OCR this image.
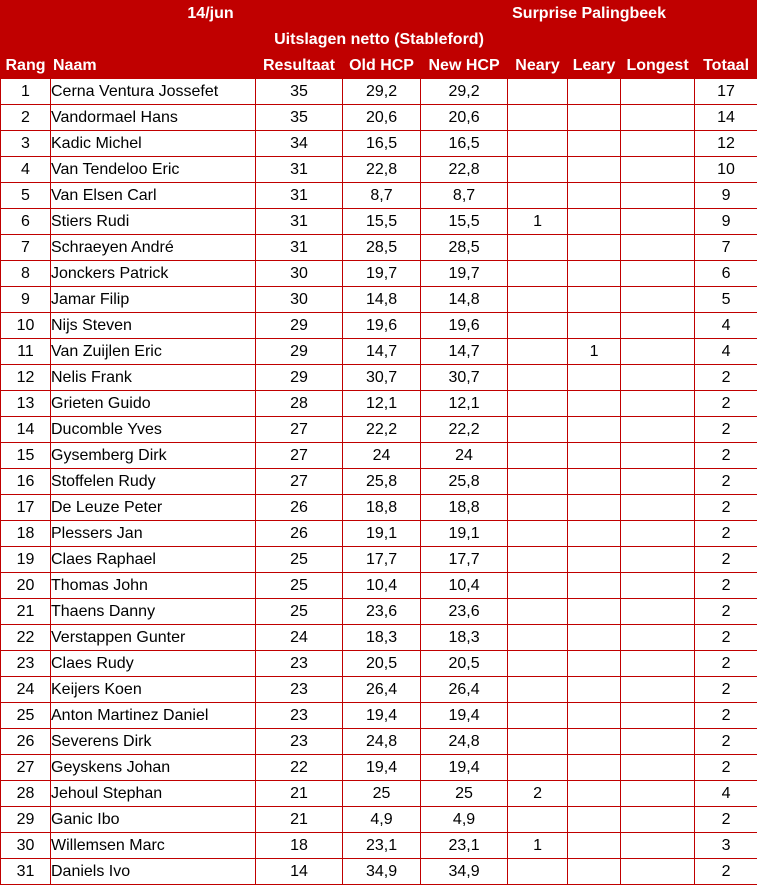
14/jun				Surprise Palingbeek				
Uitslagen netto (Stableford)								
Rang	Naam	Resultaat	Old HCP	New HCP	Neary	Leary	Longest	Totaal
1	Cerna Ventura Jossefet	35	29,2	29,2				17
2	Vandormael Hans	35	20,6	20,6				14
3	Kadic Michel	34	16,5	16,5				12
4	Van Tendeloo Eric	31	22,8	22,8				10
5	Van Elsen Carl	31	8,7	8,7				9
6	Stiers Rudi	31	15,5	15,5	1			9
7	Schraeyen André	31	28,5	28,5				7
8	Jonckers Patrick	30	19,7	19,7				6
9	Jamar Filip	30	14,8	14,8				5
10	Nijs Steven	29	19,6	19,6				4
11	Van Zuijlen Eric	29	14,7	14,7		1		4
12	Nelis Frank	29	30,7	30,7				2
13	Grieten Guido	28	12,1	12,1				2
14	Ducomble Yves	27	22,2	22,2				2
15	Gysemberg Dirk	27	24	24				2
16	Stoffelen Rudy	27	25,8	25,8				2
17	De Leuze Peter	26	18,8	18,8				2
18	Plessers Jan	26	19,1	19,1				2
19	Claes Raphael	25	17,7	17,7				2
20	Thomas John	25	10,4	10,4				2
21	Thaens Danny	25	23,6	23,6				2
22	Verstappen Gunter	24	18,3	18,3				2
23	Claes Rudy	23	20,5	20,5				2
24	Keijers Koen	23	26,4	26,4				2
25	Anton Martinez Daniel	23	19,4	19,4				2
26	Severens Dirk	23	24,8	24,8				2
27	Geyskens Johan	22	19,4	19,4				2
28	Jehoul Stephan	21	25	25	2			4
29	Ganic Ibo	21	4,9	4,9				2
30	Willemsen Marc	18	23,1	23,1	1			3
31	Daniels Ivo	14	34,9	34,9				2
